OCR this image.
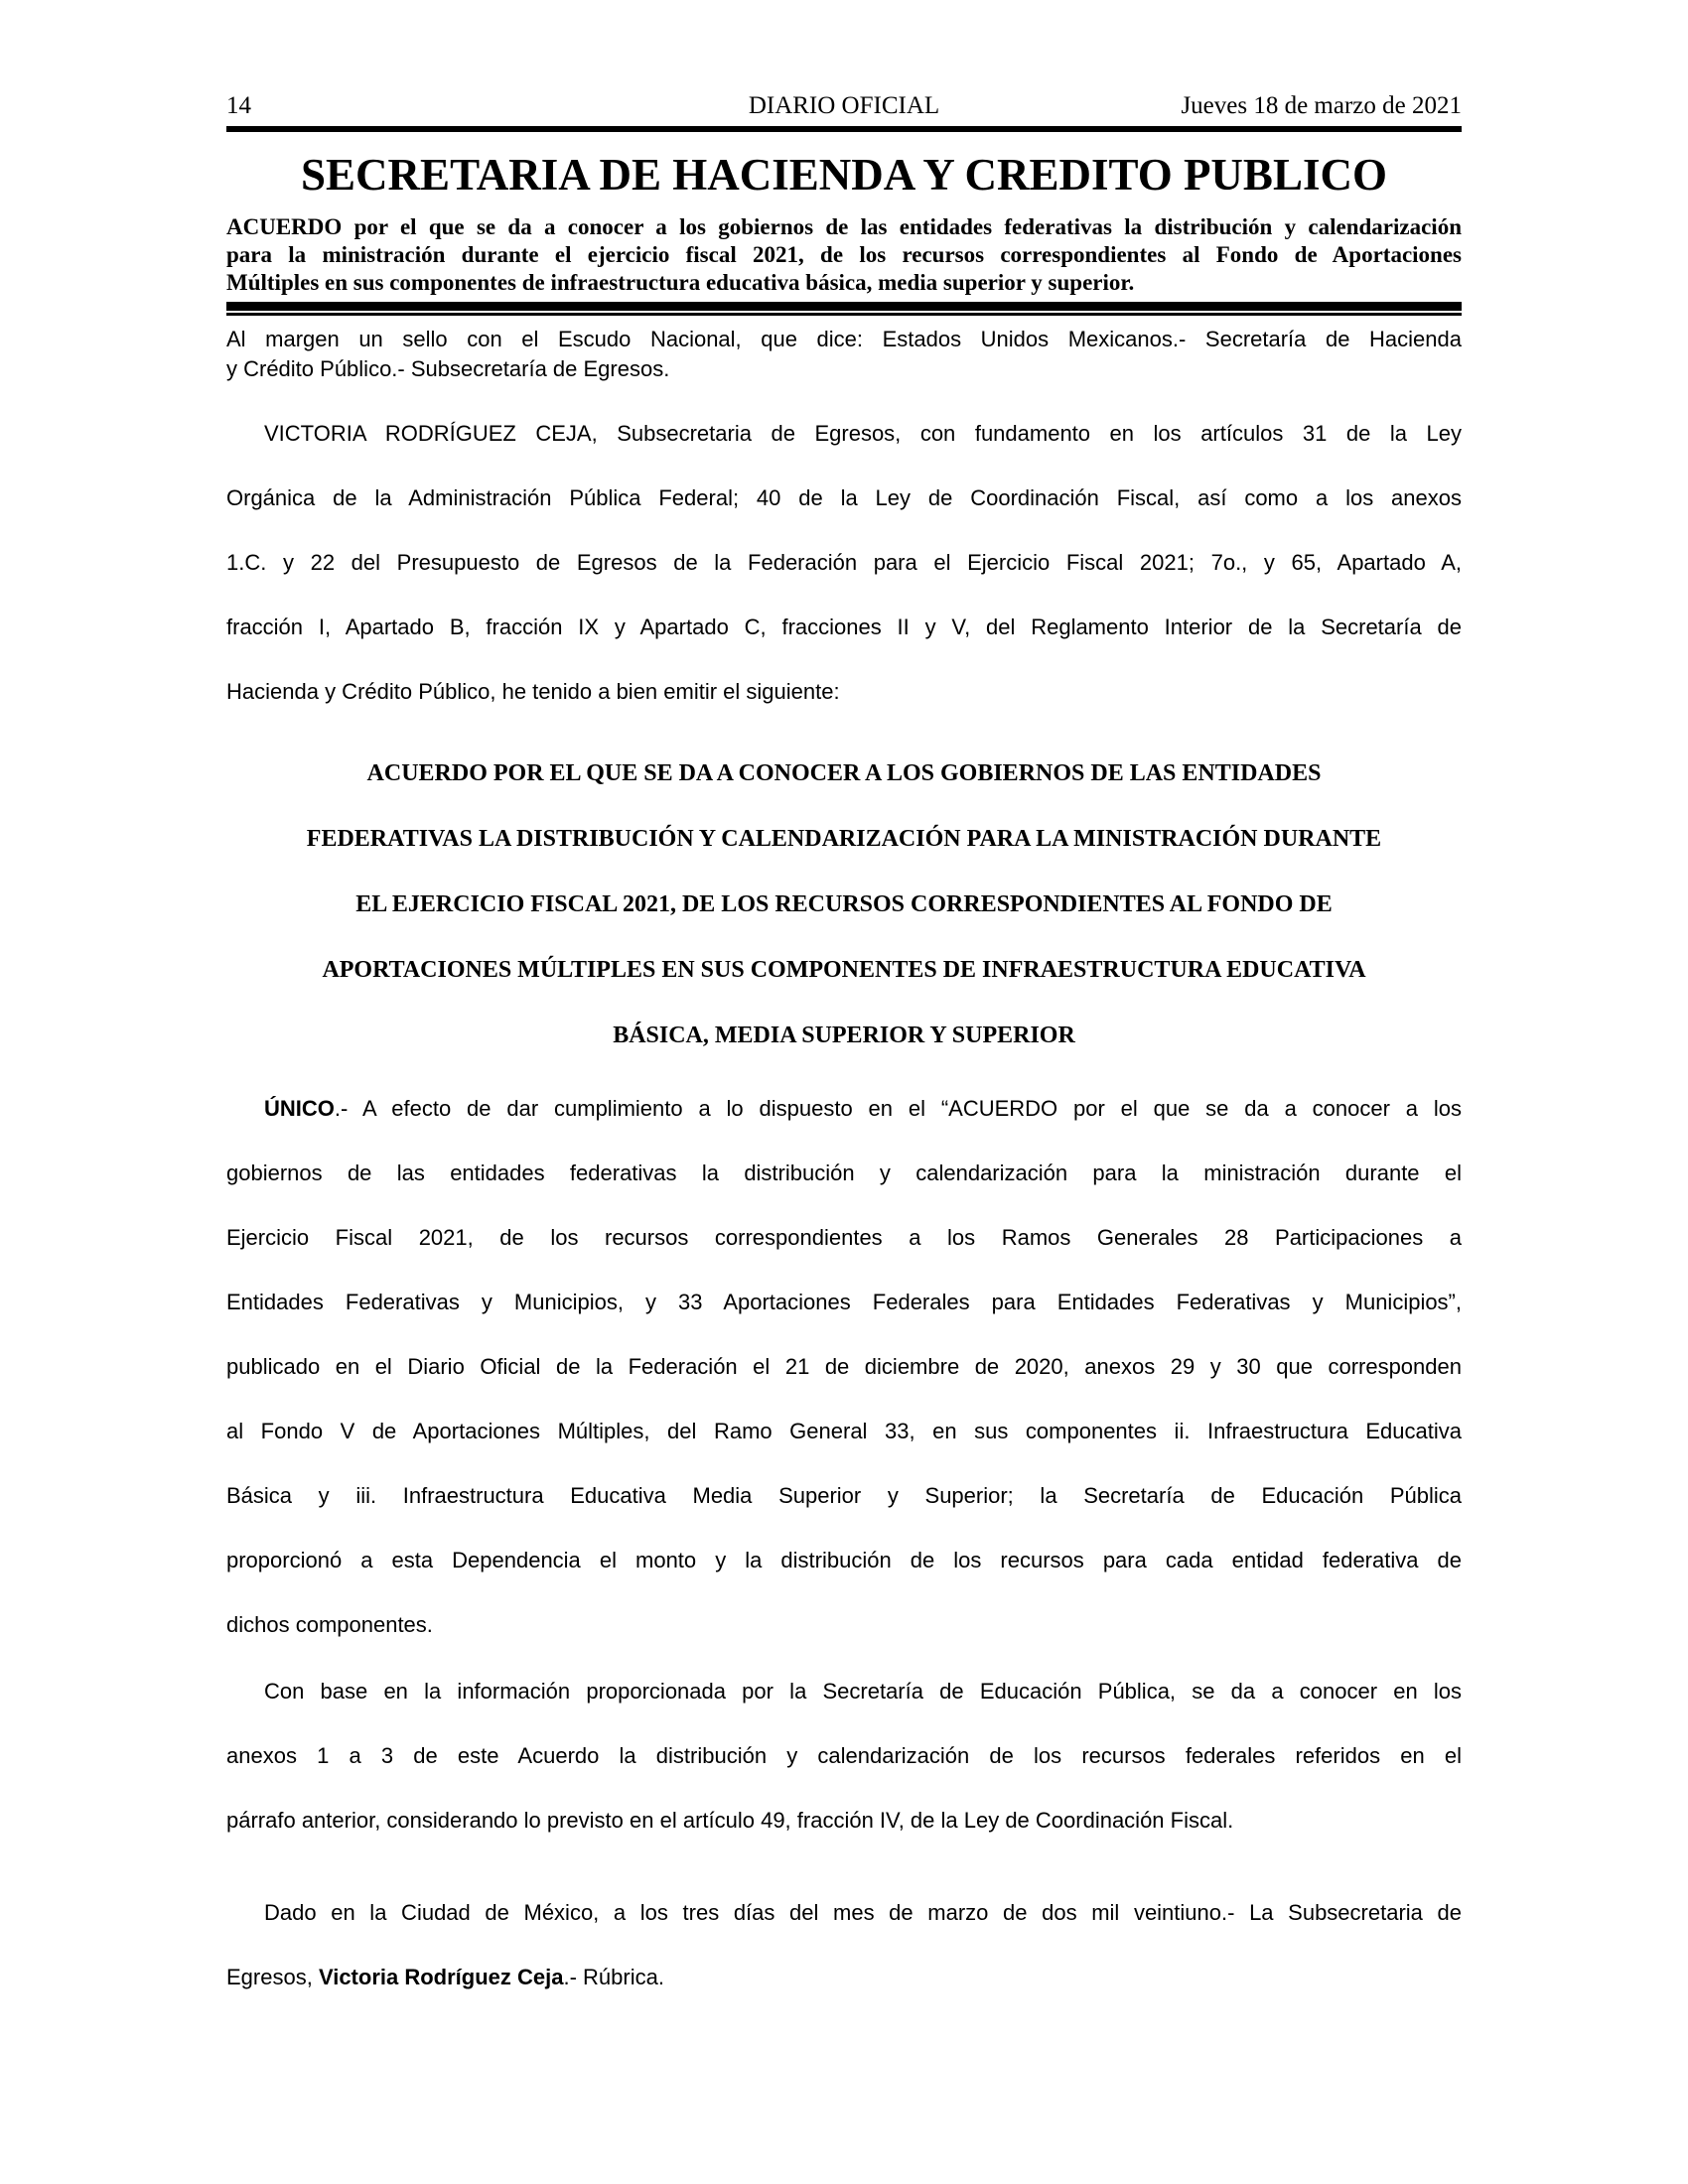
14	DIARIO OFICIAL	Jueves 18 de marzo de 2021
SECRETARIA DE HACIENDA Y CREDITO PUBLICO
ACUERDO por el que se da a conocer a los gobiernos de las entidades federativas la distribución y calendarización
para la ministración durante el ejercicio fiscal 2021, de los recursos correspondientes al Fondo de Aportaciones
Múltiples en sus componentes de infraestructura educativa básica, media superior y superior.
Al margen un sello con el Escudo Nacional, que dice: Estados Unidos Mexicanos.- Secretaría de Hacienda
y Crédito Público.- Subsecretaría de Egresos.
VICTORIA RODRÍGUEZ CEJA, Subsecretaria de Egresos, con fundamento en los artículos 31 de la Ley
Orgánica de la Administración Pública Federal; 40 de la Ley de Coordinación Fiscal, así como a los anexos
1.C. y 22 del Presupuesto de Egresos de la Federación para el Ejercicio Fiscal 2021; 7o., y 65, Apartado A,
fracción I, Apartado B, fracción IX y Apartado C, fracciones II y V, del Reglamento Interior de la Secretaría de
Hacienda y Crédito Público, he tenido a bien emitir el siguiente:
ACUERDO POR EL QUE SE DA A CONOCER A LOS GOBIERNOS DE LAS ENTIDADES
FEDERATIVAS LA DISTRIBUCIÓN Y CALENDARIZACIÓN PARA LA MINISTRACIÓN DURANTE
EL EJERCICIO FISCAL 2021, DE LOS RECURSOS CORRESPONDIENTES AL FONDO DE
APORTACIONES MÚLTIPLES EN SUS COMPONENTES DE INFRAESTRUCTURA EDUCATIVA
BÁSICA, MEDIA SUPERIOR Y SUPERIOR
ÚNICO.- A efecto de dar cumplimiento a lo dispuesto en el “ACUERDO por el que se da a conocer a los
gobiernos de las entidades federativas la distribución y calendarización para la ministración durante el
Ejercicio Fiscal 2021, de los recursos correspondientes a los Ramos Generales 28 Participaciones a
Entidades Federativas y Municipios, y 33 Aportaciones Federales para Entidades Federativas y Municipios”,
publicado en el Diario Oficial de la Federación el 21 de diciembre de 2020, anexos 29 y 30 que corresponden
al Fondo V de Aportaciones Múltiples, del Ramo General 33, en sus componentes ii. Infraestructura Educativa
Básica y iii. Infraestructura Educativa Media Superior y Superior; la Secretaría de Educación Pública
proporcionó a esta Dependencia el monto y la distribución de los recursos para cada entidad federativa de
dichos componentes.
Con base en la información proporcionada por la Secretaría de Educación Pública, se da a conocer en los
anexos 1 a 3 de este Acuerdo la distribución y calendarización de los recursos federales referidos en el
párrafo anterior, considerando lo previsto en el artículo 49, fracción IV, de la Ley de Coordinación Fiscal.
Dado en la Ciudad de México, a los tres días del mes de marzo de dos mil veintiuno.- La Subsecretaria de
Egresos, Victoria Rodríguez Ceja.- Rúbrica.
